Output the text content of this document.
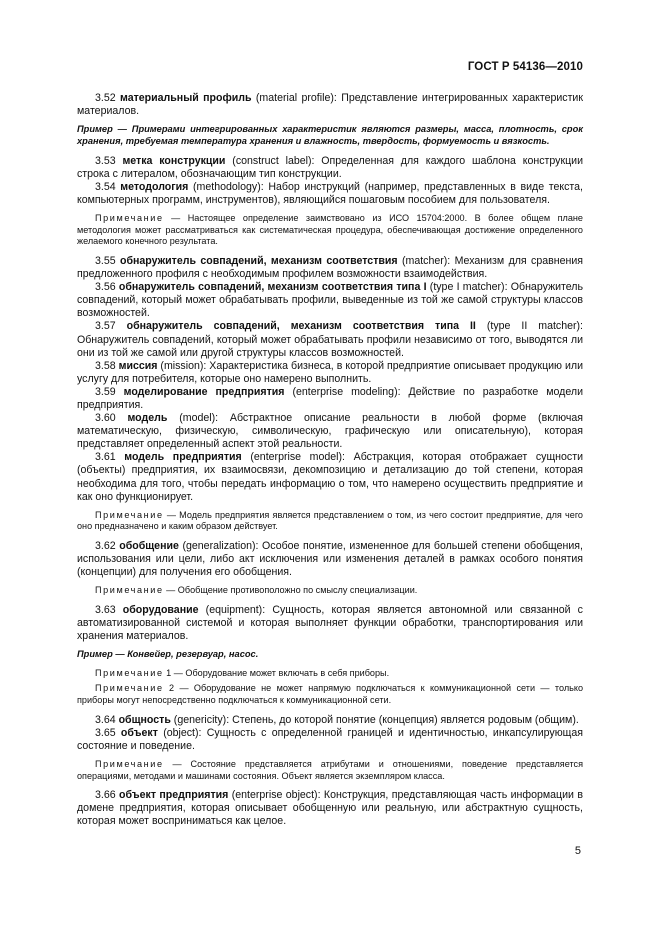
ГОСТ Р 54136—2010

3.52 материальный профиль (material profile): Представление интегрированных характеристик материалов.

Пример — Примерами интегрированных характеристик являются размеры, масса, плотность, срок хранения, требуемая температура хранения и влажность, твердость, формуемость и вязкость.

3.53 метка конструкции (construct label): Определенная для каждого шаблона конструкции строка с литералом, обозначающим тип конструкции.

3.54 методология (methodology): Набор инструкций (например, представленных в виде текста, компьютерных программ, инструментов), являющийся пошаговым пособием для пользователя.

Примечание — Настоящее определение заимствовано из ИСО 15704:2000. В более общем плане методология может рассматриваться как систематическая процедура, обеспечивающая достижение определенного желаемого конечного результата.

3.55 обнаружитель совпадений, механизм соответствия (matcher): Механизм для сравнения предложенного профиля с необходимым профилем возможности взаимодействия.

3.56 обнаружитель совпадений, механизм соответствия типа I (type I matcher): Обнаружитель совпадений, который может обрабатывать профили, выведенные из той же самой структуры классов возможностей.

3.57 обнаружитель совпадений, механизм соответствия типа II (type II matcher): Обнаружитель совпадений, который может обрабатывать профили независимо от того, выводятся ли они из той же самой или другой структуры классов возможностей.

3.58 миссия (mission): Характеристика бизнеса, в которой предприятие описывает продукцию или услугу для потребителя, которые оно намерено выполнить.

3.59 моделирование предприятия (enterprise modeling): Действие по разработке модели предприятия.

3.60 модель (model): Абстрактное описание реальности в любой форме (включая математическую, физическую, символическую, графическую или описательную), которая представляет определенный аспект этой реальности.

3.61 модель предприятия (enterprise model): Абстракция, которая отображает сущности (объекты) предприятия, их взаимосвязи, декомпозицию и детализацию до той степени, которая необходима для того, чтобы передать информацию о том, что намерено осуществить предприятие и как оно функционирует.

Примечание — Модель предприятия является представлением о том, из чего состоит предприятие, для чего оно предназначено и каким образом действует.

3.62 обобщение (generalization): Особое понятие, измененное для большей степени обобщения, использования или цели, либо акт исключения или изменения деталей в рамках особого понятия (концепции) для получения его обобщения.

Примечание — Обобщение противоположно по смыслу специализации.

3.63 оборудование (equipment): Сущность, которая является автономной или связанной с автоматизированной системой и которая выполняет функции обработки, транспортирования или хранения материалов.

Пример — Конвейер, резервуар, насос.

Примечание 1 — Оборудование может включать в себя приборы.

Примечание 2 — Оборудование не может напрямую подключаться к коммуникационной сети — только приборы могут непосредственно подключаться к коммуникационной сети.

3.64 общность (genericity): Степень, до которой понятие (концепция) является родовым (общим).

3.65 объект (object): Сущность с определенной границей и идентичностью, инкапсулирующая состояние и поведение.

Примечание — Состояние представляется атрибутами и отношениями, поведение представляется операциями, методами и машинами состояния. Объект является экземпляром класса.

3.66 объект предприятия (enterprise object): Конструкция, представляющая часть информации в домене предприятия, которая описывает обобщенную или реальную, или абстрактную сущность, которая может восприниматься как целое.

5
